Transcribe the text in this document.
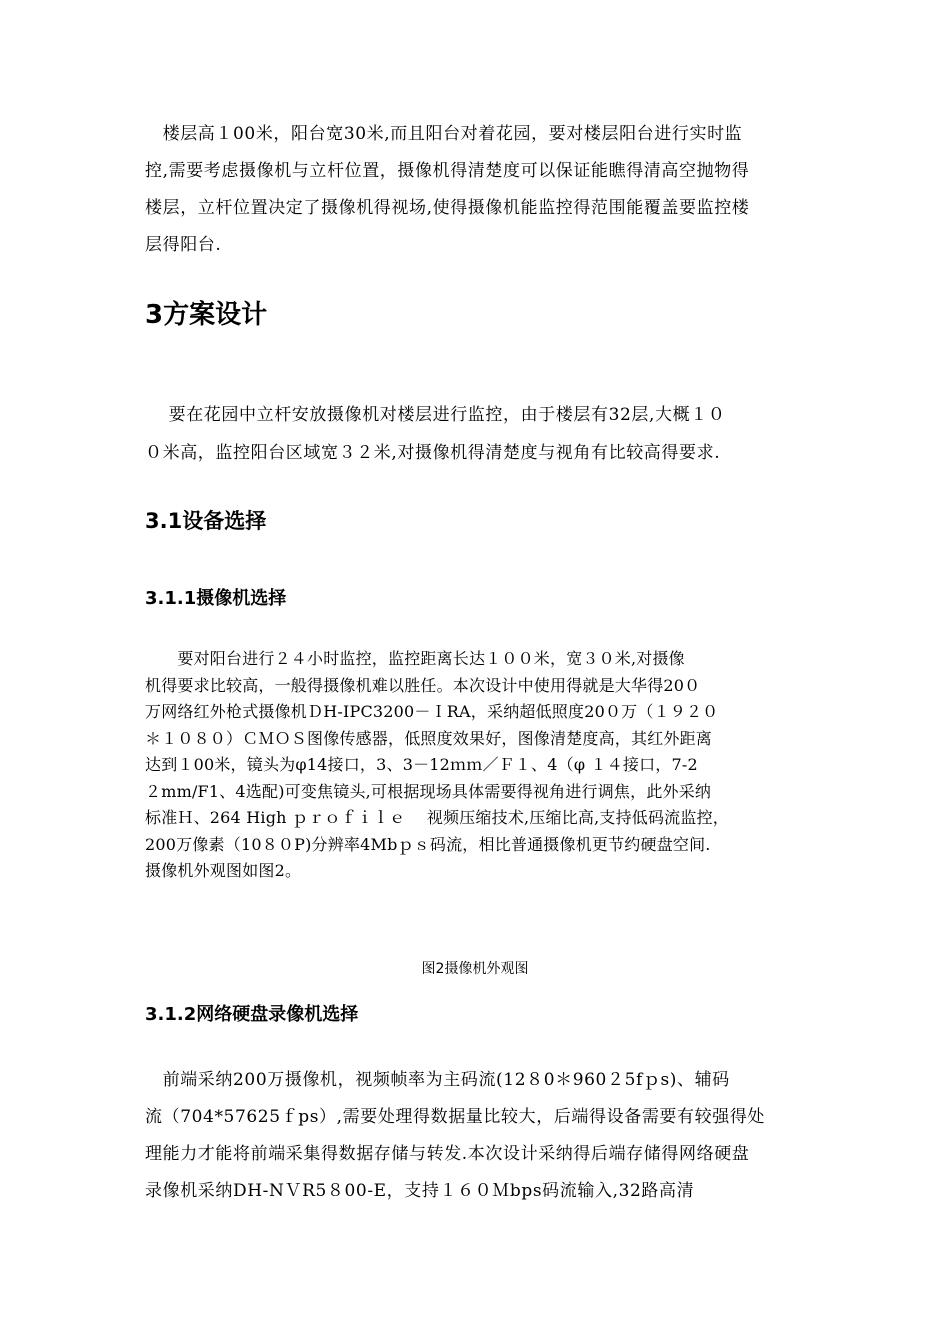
　楼层高１00米，阳台宽30米,而且阳台对着花园，要对楼层阳台进行实时监
控,需要考虑摄像机与立杆位置，摄像机得清楚度可以保证能瞧得清高空抛物得
楼层，立杆位置决定了摄像机得视场,使得摄像机能监控得范围能覆盖要监控楼
层得阳台.
3方案设计
　 要在花园中立杆安放摄像机对楼层进行监控，由于楼层有32层,大概１０
０米高，监控阳台区域宽３２米,对摄像机得清楚度与视角有比较高得要求.
3.1设备选择
3.1.1摄像机选择
　　要对阳台进行２４小时监控，监控距离长达１００米，宽３０米,对摄像
机得要求比较高，一般得摄像机难以胜任。本次设计中使用得就是大华得20０
万网络红外枪式摄像机ＤH-IPC3200－ＩRA，采纳超低照度20０万（１９２０
＊１０８０）ＣＭＯＳ图像传感器，低照度效果好，图像清楚度高，其红外距离
达到１00米，镜头为φ14接口，3、3－12ｍｍ／Ｆ１、4（φ １４接口，7-2
２mm/F1、4选配)可变焦镜头,可根据现场具体需要得视角进行调焦，此外采纳
标准Ｈ、264 High ｐｒｏｆｉｌｅ　 视频压缩技术,压缩比高,支持低码流监控，
200万像素（10８０P)分辨率4Mbｐｓ码流，相比普通摄像机更节约硬盘空间.
摄像机外观图如图2。

图2摄像机外观图

3.1.2网络硬盘录像机选择
　前端采纳200万摄像机，视频帧率为主码流(12８0＊960２5fｐs)、辅码
流（704*57625ｆps）,需要处理得数据量比较大，后端得设备需要有较强得处
理能力才能将前端采集得数据存储与转发.本次设计采纳得后端存储得网络硬盘
录像机采纳DH-NＶR5８00-E，支持１６０Ｍbps码流输入,32路高清
